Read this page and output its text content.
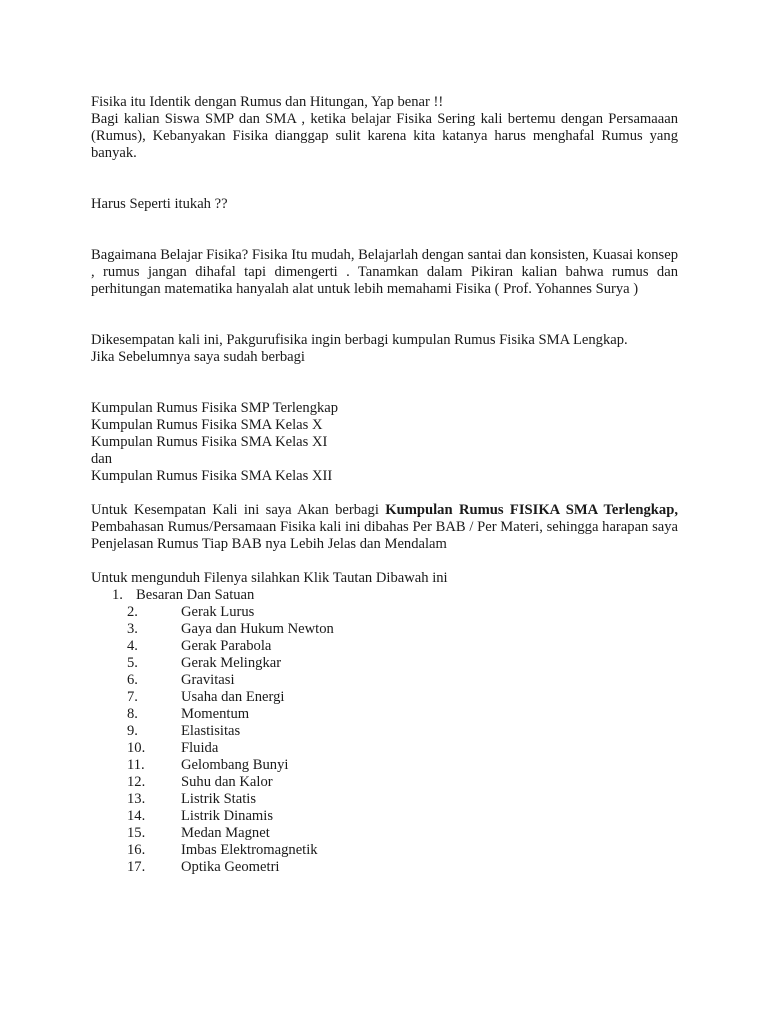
Fisika itu Identik dengan Rumus dan Hitungan, Yap benar !!

Bagi kalian Siswa SMP dan SMA , ketika belajar Fisika Sering kali bertemu dengan Persamaaan (Rumus), Kebanyakan Fisika dianggap sulit karena kita katanya harus menghafal Rumus yang banyak.

Harus Seperti itukah ??

Bagaimana Belajar Fisika? Fisika Itu mudah, Belajarlah dengan santai dan konsisten, Kuasai konsep , rumus jangan dihafal tapi dimengerti . Tanamkan dalam Pikiran kalian bahwa rumus dan perhitungan matematika hanyalah alat untuk lebih memahami Fisika ( Prof. Yohannes Surya )

Dikesempatan kali ini, Pakgurufisika ingin berbagi kumpulan Rumus Fisika SMA Lengkap.

Jika Sebelumnya saya sudah berbagi

Kumpulan Rumus Fisika SMP Terlengkap

Kumpulan Rumus Fisika SMA Kelas X

Kumpulan Rumus Fisika SMA Kelas XI

dan

Kumpulan Rumus Fisika SMA Kelas XII

Untuk Kesempatan Kali ini saya Akan berbagi Kumpulan Rumus FISIKA SMA Terlengkap, Pembahasan Rumus/Persamaan Fisika kali ini dibahas Per BAB / Per Materi, sehingga harapan saya Penjelasan Rumus Tiap BAB nya Lebih Jelas dan Mendalam

Untuk mengunduh Filenya silahkan Klik Tautan Dibawah ini

1. Besaran Dan Satuan
2.	Gerak Lurus
3.	Gaya dan Hukum Newton
4.	Gerak Parabola
5.	Gerak Melingkar
6.	Gravitasi
7.	Usaha dan Energi
8.	Momentum
9.	Elastisitas
10. Fluida
11. Gelombang Bunyi
12. Suhu dan Kalor
13. Listrik Statis
14. Listrik Dinamis
15. Medan Magnet
16. Imbas Elektromagnetik
17. Optika Geometri
